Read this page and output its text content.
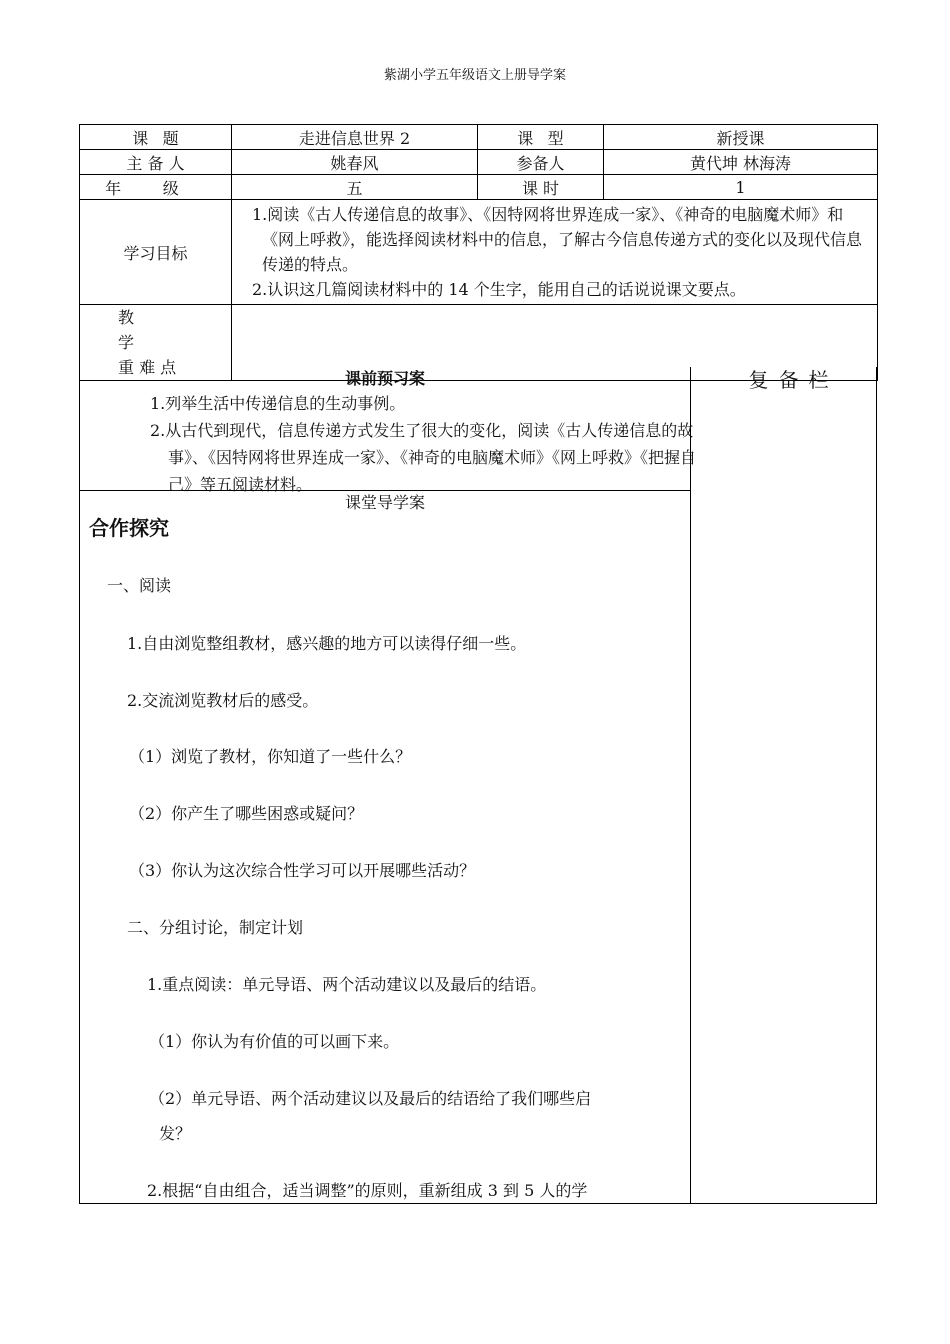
紫湖小学五年级语文上册导学案
课题	走进信息世界 2	课型	新授课
主 备 人	姚春风	参备人	黄代坤 林海涛
年级	五	课 时	1
学习目标	1.阅读《古人传递信息的故事》、《因特网将世界连成一家》、《神奇的电脑魔术师》和《网上呼救》，能选择阅读材料中的信息，了解古今信息传递方式的变化以及现代信息传递的特点。

2.认识这几篇阅读材料中的 14 个生字，能用自己的话说说课文要点。		

教 学
重 难 点			

复备栏
课前预习案

1.列举生活中传递信息的生动事例。

2.从古代到现代，信息传递方式发生了很大的变化，阅读《古人传递信息的故事》、《因特网将世界连成一家》、《神奇的电脑魔术师》《网上呼救》《把握自己》等五阅读材料。

课堂导学案
合作探究
一、阅读
1.自由浏览整组教材，感兴趣的地方可以读得仔细一些。
2.交流浏览教材后的感受。
（1）浏览了教材，你知道了一些什么？
（2）你产生了哪些困惑或疑问？
（3）你认为这次综合性学习可以开展哪些活动？
二、分组讨论，制定计划
1.重点阅读：单元导语、两个活动建议以及最后的结语。
（1）你认为有价值的可以画下来。
（2）单元导语、两个活动建议以及最后的结语给了我们哪些启
发？
2.根据“自由组合，适当调整”的原则，重新组成 3 到 5 人的学
